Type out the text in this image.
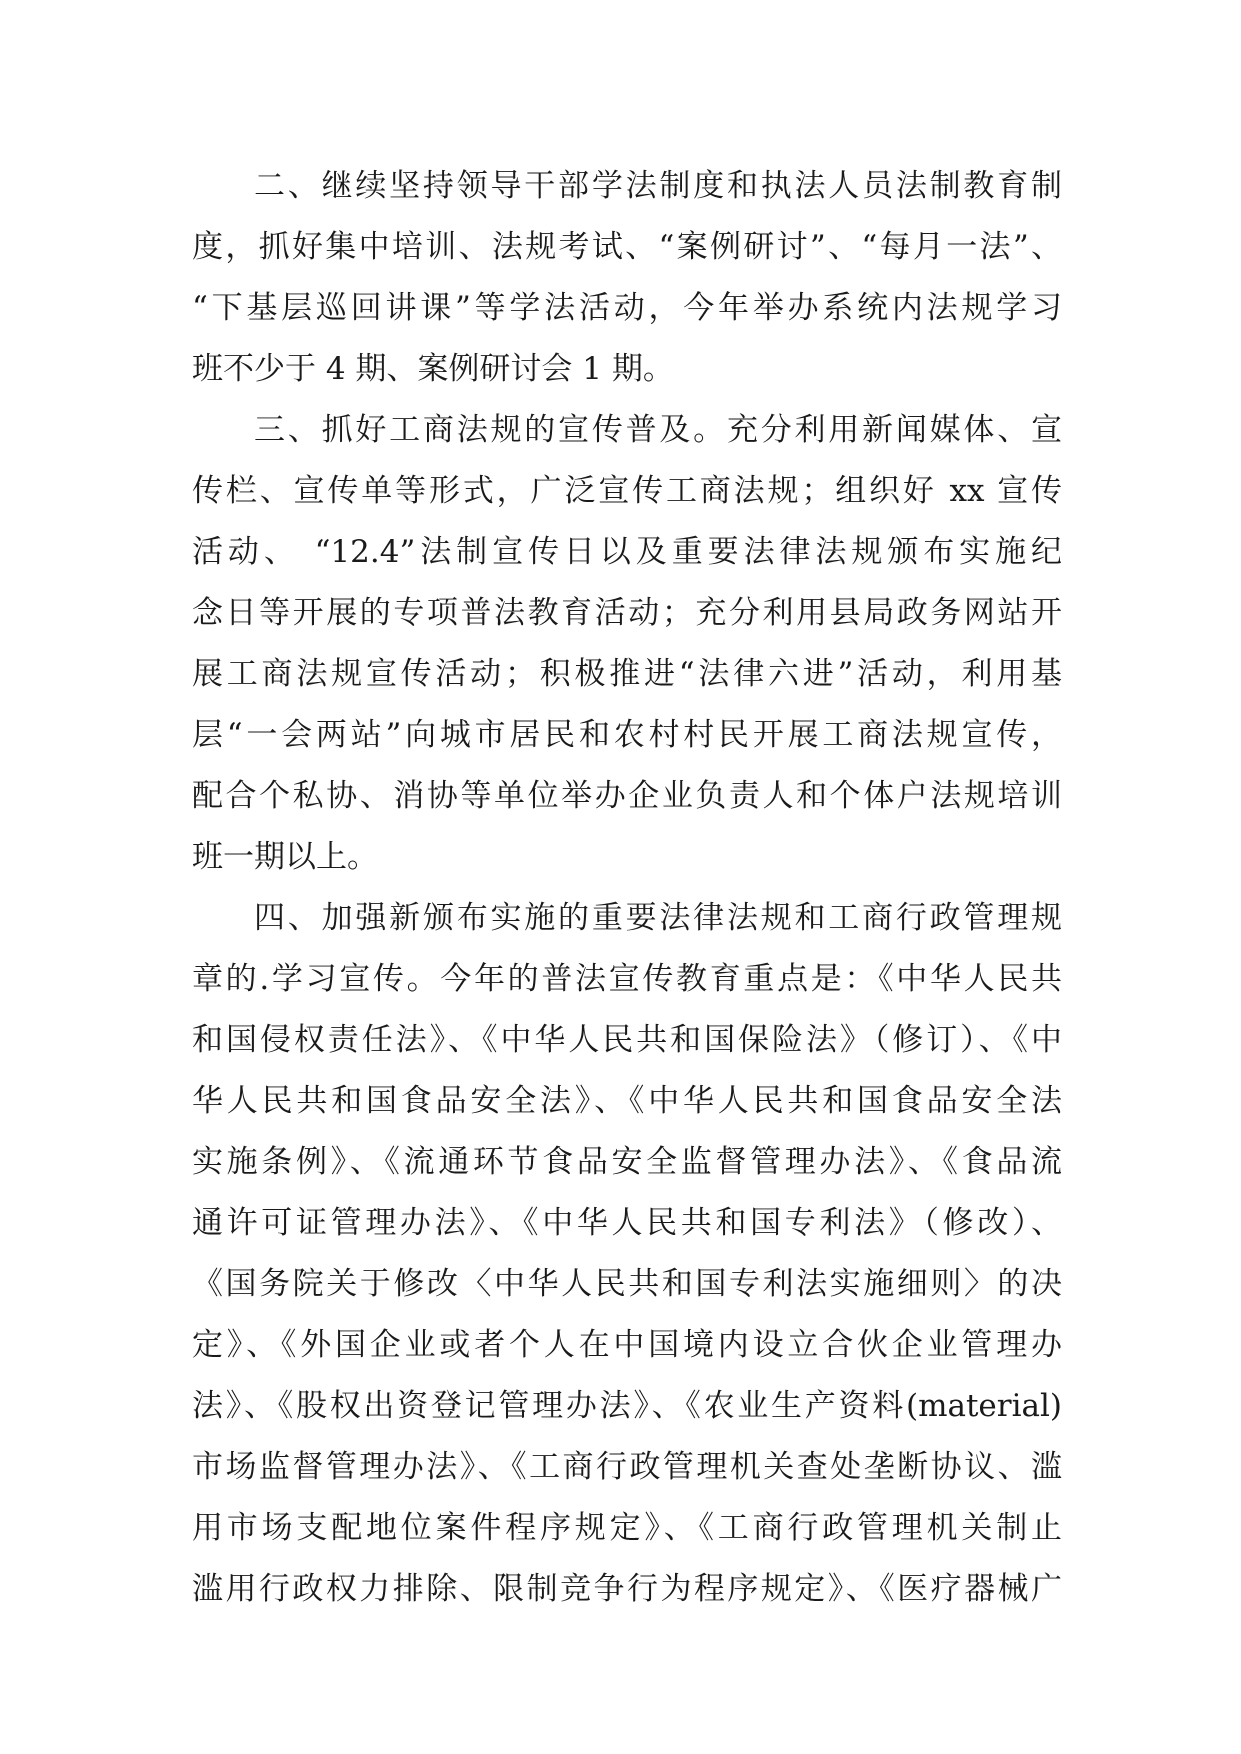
二、继续坚持领导干部学法制度和执法人员法制教育制
度，抓好集中培训、法规考试、“案例研讨”、“每月一法”、
“下基层巡回讲课”等学法活动，今年举办系统内法规学习
班不少于 4 期、案例研讨会 1 期。
三、抓好工商法规的宣传普及。充分利用新闻媒体、宣
传栏、宣传单等形式，广泛宣传工商法规；组织好 xx 宣传
活动、 “12.4”法制宣传日以及重要法律法规颁布实施纪
念日等开展的专项普法教育活动；充分利用县局政务网站开
展工商法规宣传活动；积极推进“法律六进”活动，利用基
层“一会两站”向城市居民和农村村民开展工商法规宣传，
配合个私协、消协等单位举办企业负责人和个体户法规培训
班一期以上。
四、加强新颁布实施的重要法律法规和工商行政管理规
章的.学习宣传。今年的普法宣传教育重点是：《中华人民共
和国侵权责任法》、《中华人民共和国保险法》（修订）、《中
华人民共和国食品安全法》、《中华人民共和国食品安全法
实施条例》、《流通环节食品安全监督管理办法》、《食品流
通许可证管理办法》、《中华人民共和国专利法》（修改）、
《国务院关于修改〈中华人民共和国专利法实施细则〉的决
定》、《外国企业或者个人在中国境内设立合伙企业管理办
法》、《股权出资登记管理办法》、《农业生产资料(material)
市场监督管理办法》、《工商行政管理机关查处垄断协议、滥
用市场支配地位案件程序规定》、《工商行政管理机关制止
滥用行政权力排除、限制竞争行为程序规定》、《医疗器械广
